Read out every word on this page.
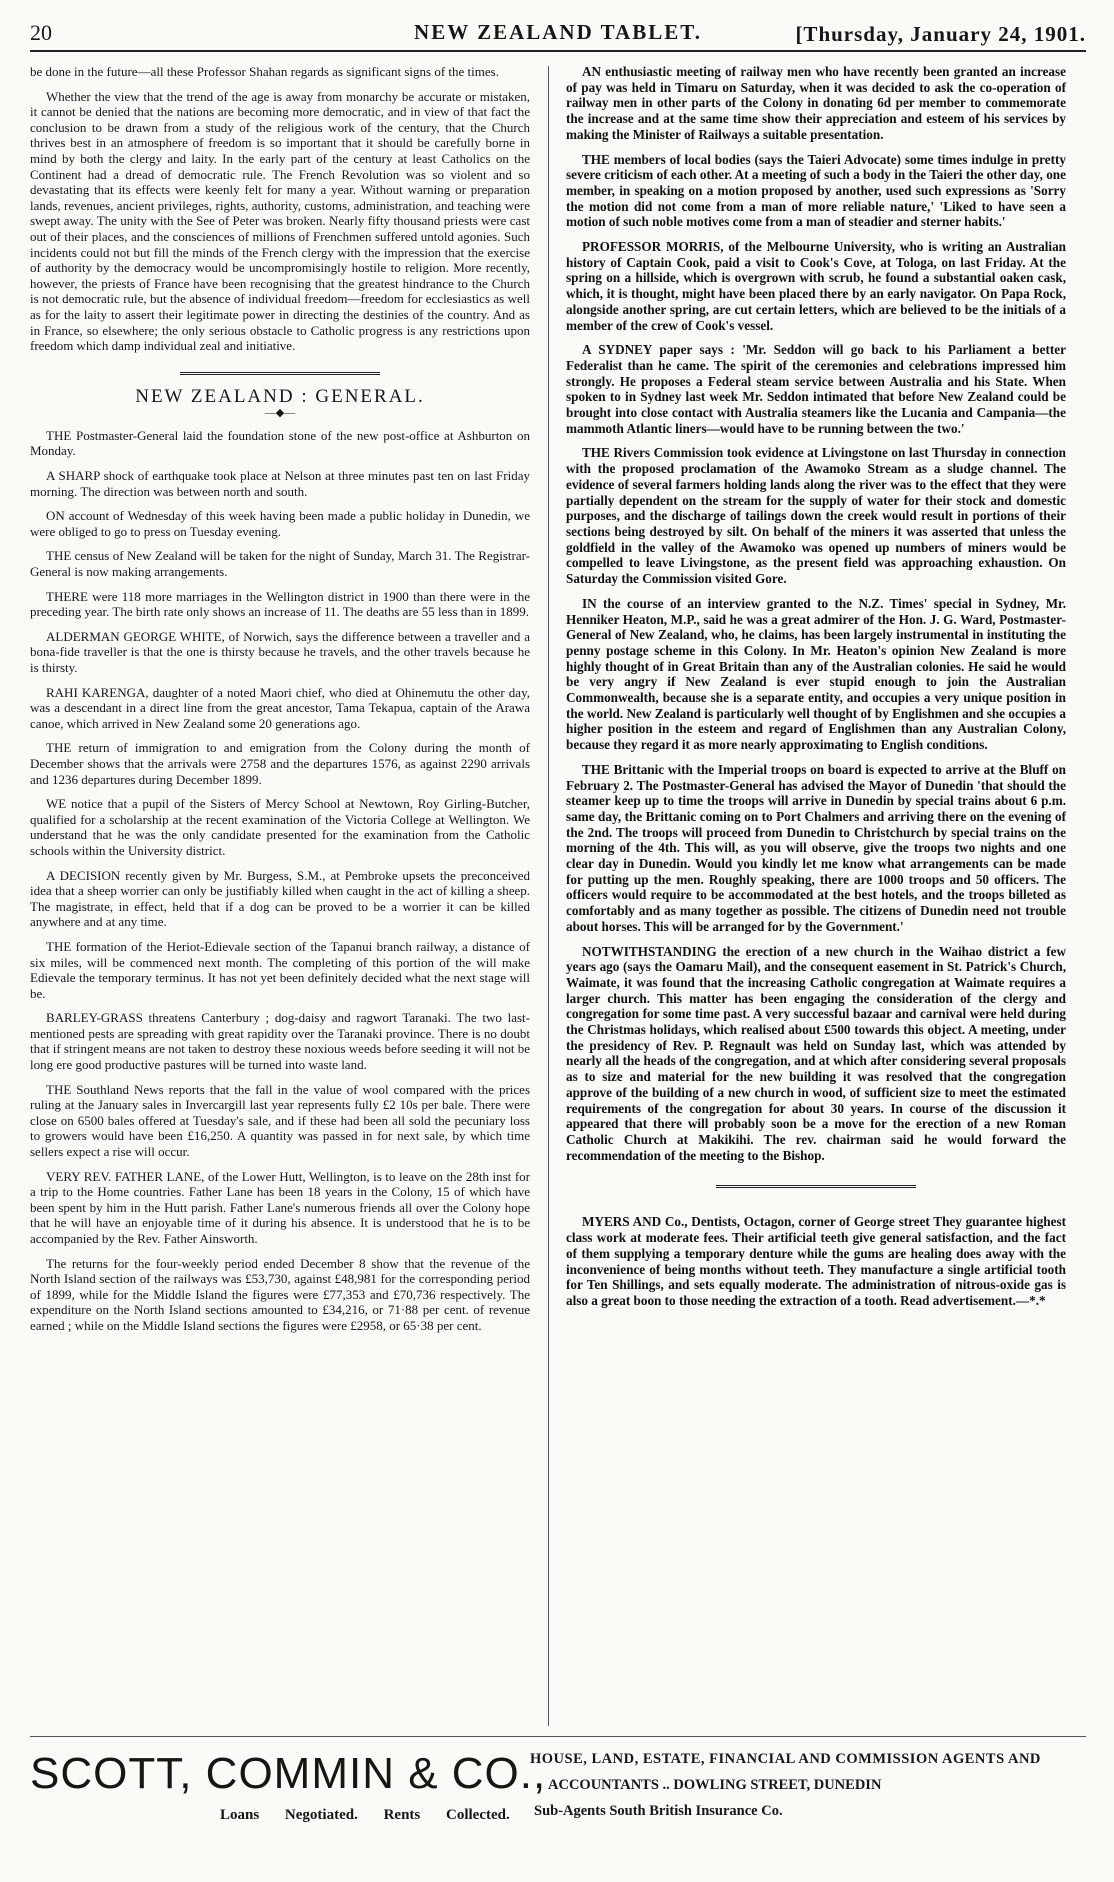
20	NEW ZEALAND TABLET.	[Thursday, January 24, 1901.

be done in the future—all these Professor Shahan regards as significant signs of the times.

Whether the view that the trend of the age is away from monarchy be accurate or mistaken, it cannot be denied that the nations are becoming more democratic, and in view of that fact the conclusion to be drawn from a study of the religious work of the century, that the Church thrives best in an atmosphere of freedom is so important that it should be carefully borne in mind by both the clergy and laity. In the early part of the century at least Catholics on the Continent had a dread of democratic rule. The French Revolution was so violent and so devastating that its effects were keenly felt for many a year. Without warning or preparation lands, revenues, ancient privileges, rights, authority, customs, administration, and teaching were swept away. The unity with the See of Peter was broken. Nearly fifty thousand priests were cast out of their places, and the consciences of millions of Frenchmen suffered untold agonies. Such incidents could not but fill the minds of the French clergy with the impression that the exercise of authority by the democracy would be uncompromisingly hostile to religion. More recently, however, the priests of France have been recognising that the greatest hindrance to the Church is not democratic rule, but the absence of individual freedom—freedom for ecclesiastics as well as for the laity to assert their legitimate power in directing the destinies of the country. And as in France, so elsewhere; the only serious obstacle to Catholic progress is any restrictions upon freedom which damp individual zeal and initiative.

NEW ZEALAND : GENERAL.
—◆—

THE Postmaster-General laid the foundation stone of the new post-office at Ashburton on Monday.

A SHARP shock of earthquake took place at Nelson at three minutes past ten on last Friday morning. The direction was between north and south.

ON account of Wednesday of this week having been made a public holiday in Dunedin, we were obliged to go to press on Tuesday evening.

THE census of New Zealand will be taken for the night of Sunday, March 31. The Registrar-General is now making arrangements.

THERE were 118 more marriages in the Wellington district in 1900 than there were in the preceding year. The birth rate only shows an increase of 11. The deaths are 55 less than in 1899.

ALDERMAN GEORGE WHITE, of Norwich, says the difference between a traveller and a bona-fide traveller is that the one is thirsty because he travels, and the other travels because he is thirsty.

RAHI KARENGA, daughter of a noted Maori chief, who died at Ohinemutu the other day, was a descendant in a direct line from the great ancestor, Tama Tekapua, captain of the Arawa canoe, which arrived in New Zealand some 20 generations ago.

THE return of immigration to and emigration from the Colony during the month of December shows that the arrivals were 2758 and the departures 1576, as against 2290 arrivals and 1236 departures during December 1899.

WE notice that a pupil of the Sisters of Mercy School at Newtown, Roy Girling-Butcher, qualified for a scholarship at the recent examination of the Victoria College at Wellington. We understand that he was the only candidate presented for the examination from the Catholic schools within the University district.

A DECISION recently given by Mr. Burgess, S.M., at Pembroke upsets the preconceived idea that a sheep worrier can only be justifiably killed when caught in the act of killing a sheep. The magistrate, in effect, held that if a dog can be proved to be a worrier it can be killed anywhere and at any time.

THE formation of the Heriot-Edievale section of the Tapanui branch railway, a distance of six miles, will be commenced next month. The completing of this portion of the will make Edievale the temporary terminus. It has not yet been definitely decided what the next stage will be.

BARLEY-GRASS threatens Canterbury ; dog-daisy and ragwort Taranaki. The two last-mentioned pests are spreading with great rapidity over the Taranaki province. There is no doubt that if stringent means are not taken to destroy these noxious weeds before seeding it will not be long ere good productive pastures will be turned into waste land.

THE Southland News reports that the fall in the value of wool compared with the prices ruling at the January sales in Invercargill last year represents fully £2 10s per bale. There were close on 6500 bales offered at Tuesday's sale, and if these had been all sold the pecuniary loss to growers would have been £16,250. A quantity was passed in for next sale, by which time sellers expect a rise will occur.

VERY REV. FATHER LANE, of the Lower Hutt, Wellington, is to leave on the 28th inst for a trip to the Home countries. Father Lane has been 18 years in the Colony, 15 of which have been spent by him in the Hutt parish. Father Lane's numerous friends all over the Colony hope that he will have an enjoyable time of it during his absence. It is understood that he is to be accompanied by the Rev. Father Ainsworth.

The returns for the four-weekly period ended December 8 show that the revenue of the North Island section of the railways was £53,730, against £48,981 for the corresponding period of 1899, while for the Middle Island the figures were £77,353 and £70,736 respectively. The expenditure on the North Island sections amounted to £34,216, or 71·88 per cent. of revenue earned ; while on the Middle Island sections the figures were £2958, or 65·38 per cent.

AN enthusiastic meeting of railway men who have recently been granted an increase of pay was held in Timaru on Saturday, when it was decided to ask the co-operation of railway men in other parts of the Colony in donating 6d per member to commemorate the increase and at the same time show their appreciation and esteem of his services by making the Minister of Railways a suitable presentation.

THE members of local bodies (says the Taieri Advocate) some times indulge in pretty severe criticism of each other. At a meeting of such a body in the Taieri the other day, one member, in speaking on a motion proposed by another, used such expressions as 'Sorry the motion did not come from a man of more reliable nature,' 'Liked to have seen a motion of such noble motives come from a man of steadier and sterner habits.'

PROFESSOR MORRIS, of the Melbourne University, who is writing an Australian history of Captain Cook, paid a visit to Cook's Cove, at Tologa, on last Friday. At the spring on a hillside, which is overgrown with scrub, he found a substantial oaken cask, which, it is thought, might have been placed there by an early navigator. On Papa Rock, alongside another spring, are cut certain letters, which are believed to be the initials of a member of the crew of Cook's vessel.

A SYDNEY paper says : 'Mr. Seddon will go back to his Parliament a better Federalist than he came. The spirit of the ceremonies and celebrations impressed him strongly. He proposes a Federal steam service between Australia and his State. When spoken to in Sydney last week Mr. Seddon intimated that before New Zealand could be brought into close contact with Australia steamers like the Lucania and Campania—the mammoth Atlantic liners—would have to be running between the two.'

THE Rivers Commission took evidence at Livingstone on last Thursday in connection with the proposed proclamation of the Awamoko Stream as a sludge channel. The evidence of several farmers holding lands along the river was to the effect that they were partially dependent on the stream for the supply of water for their stock and domestic purposes, and the discharge of tailings down the creek would result in portions of their sections being destroyed by silt. On behalf of the miners it was asserted that unless the goldfield in the valley of the Awamoko was opened up numbers of miners would be compelled to leave Livingstone, as the present field was approaching exhaustion. On Saturday the Commission visited Gore.

IN the course of an interview granted to the N.Z. Times' special in Sydney, Mr. Henniker Heaton, M.P., said he was a great admirer of the Hon. J. G. Ward, Postmaster-General of New Zealand, who, he claims, has been largely instrumental in instituting the penny postage scheme in this Colony. In Mr. Heaton's opinion New Zealand is more highly thought of in Great Britain than any of the Australian colonies. He said he would be very angry if New Zealand is ever stupid enough to join the Australian Commonwealth, because she is a separate entity, and occupies a very unique position in the world. New Zealand is particularly well thought of by Englishmen and she occupies a higher position in the esteem and regard of Englishmen than any Australian Colony, because they regard it as more nearly approximating to English conditions.

THE Brittanic with the Imperial troops on board is expected to arrive at the Bluff on February 2. The Postmaster-General has advised the Mayor of Dunedin 'that should the steamer keep up to time the troops will arrive in Dunedin by special trains about 6 p.m. same day, the Brittanic coming on to Port Chalmers and arriving there on the evening of the 2nd. The troops will proceed from Dunedin to Christchurch by special trains on the morning of the 4th. This will, as you will observe, give the troops two nights and one clear day in Dunedin. Would you kindly let me know what arrangements can be made for putting up the men. Roughly speaking, there are 1000 troops and 50 officers. The officers would require to be accommodated at the best hotels, and the troops billeted as comfortably and as many together as possible. The citizens of Dunedin need not trouble about horses. This will be arranged for by the Government.'

NOTWITHSTANDING the erection of a new church in the Waihao district a few years ago (says the Oamaru Mail), and the consequent easement in St. Patrick's Church, Waimate, it was found that the increasing Catholic congregation at Waimate requires a larger church. This matter has been engaging the consideration of the clergy and congregation for some time past. A very successful bazaar and carnival were held during the Christmas holidays, which realised about £500 towards this object. A meeting, under the presidency of Rev. P. Regnault was held on Sunday last, which was attended by nearly all the heads of the congregation, and at which after considering several proposals as to size and material for the new building it was resolved that the congregation approve of the building of a new church in wood, of sufficient size to meet the estimated requirements of the congregation for about 30 years. In course of the discussion it appeared that there will probably soon be a move for the erection of a new Roman Catholic Church at Makikihi. The rev. chairman said he would forward the recommendation of the meeting to the Bishop.

MYERS AND Co., Dentists, Octagon, corner of George street They guarantee highest class work at moderate fees. Their artificial teeth give general satisfaction, and the fact of them supplying a temporary denture while the gums are healing does away with the inconvenience of being months without teeth. They manufacture a single artificial tooth for Ten Shillings, and sets equally moderate. The administration of nitrous-oxide gas is also a great boon to those needing the extraction of a tooth. Read advertisement.—*.*

SCOTT, COMMIN & CO.,
Loans Negotiated. Rents Collected.
HOUSE, LAND, ESTATE, FINANCIAL AND COMMISSION AGENTS AND
ACCOUNTANTS .. DOWLING STREET, DUNEDIN
Sub-Agents South British Insurance Co.
